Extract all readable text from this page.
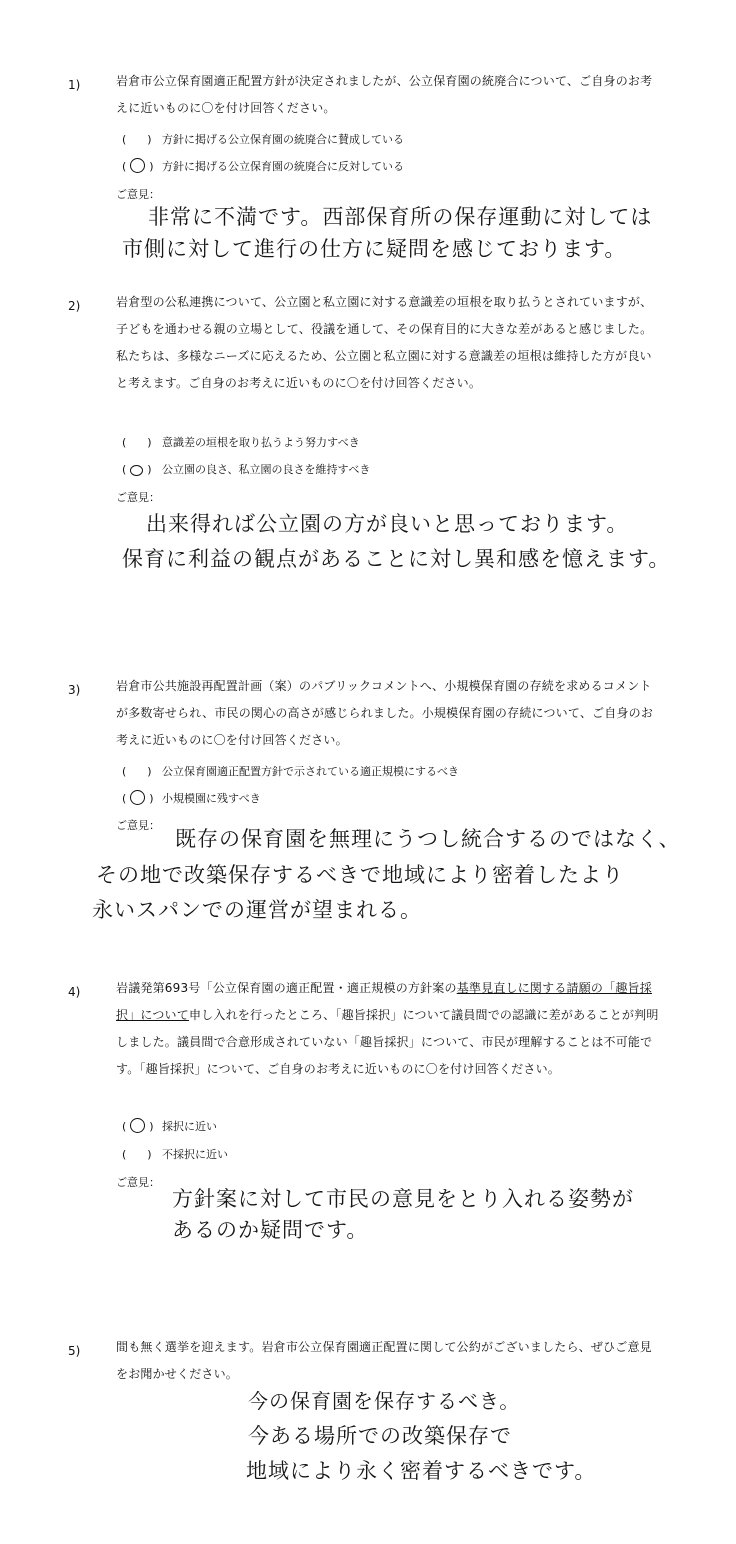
1)	岩倉市公立保育園適正配置方針が決定されましたが、公立保育園の統廃合について、ご自身のお考えに近いものに〇を付け回答ください。
( ) 方針に掲げる公立保育園の統廃合に賛成している
( ○ ) 方針に掲げる公立保育園の統廃合に反対している
ご意見：
非常に不満です。西部保育所の保存運動に対しては
市側に対して進行の仕方に疑問を感じております。
2)	岩倉型の公私連携について、公立園と私立園に対する意識差の垣根を取り払うとされていますが、子どもを通わせる親の立場として、役議を通して、その保育目的に大きな差があると感じました。私たちは、多様なニーズに応えるため、公立園と私立園に対する意識差の垣根は維持した方が良いと考えます。ご自身のお考えに近いものに〇を付け回答ください。
( ) 意識差の垣根を取り払うよう努力すべき
( ○ ) 公立園の良さ、私立園の良さを維持すべき
ご意見：
出来得れば公立園の方が良いと思っております。
保育に利益の観点があることに対し異和感を憶えます。
3)	岩倉市公共施設再配置計画（案）のパブリックコメントへ、小規模保育園の存続を求めるコメントが多数寄せられ、市民の関心の高さが感じられました。小規模保育園の存続について、ご自身のお考えに近いものに〇を付け回答ください。
( ) 公立保育園適正配置方針で示されている適正規模にするべき
( ○ ) 小規模園に残すべき
ご意見：
既存の保育園を無理にうつし統合するのではなく、
その地で改築保存するべきで地域により密着したより
永いスパンでの運営が望まれる。
4)	岩議発第693号「公立保育園の適正配置・適正規模の方針案の基準見直しに関する請願の「趣旨採択」について申し入れを行ったところ、「趣旨採択」について議員間での認識に差があることが判明しました。議員間で合意形成されていない「趣旨採択」について、市民が理解することは不可能です。「趣旨採択」について、ご自身のお考えに近いものに〇を付け回答ください。
( ○ ) 採択に近い
( ) 不採択に近い
ご意見：
方針案に対して市民の意見をとり入れる姿勢が
あるのか疑問です。
5)	間も無く選挙を迎えます。岩倉市公立保育園適正配置に関して公約がございましたら、ぜひご意見をお聞かせください。
今の保育園を保存するべき。
今ある場所での改築保存で
地域により永く密着するべきです。
